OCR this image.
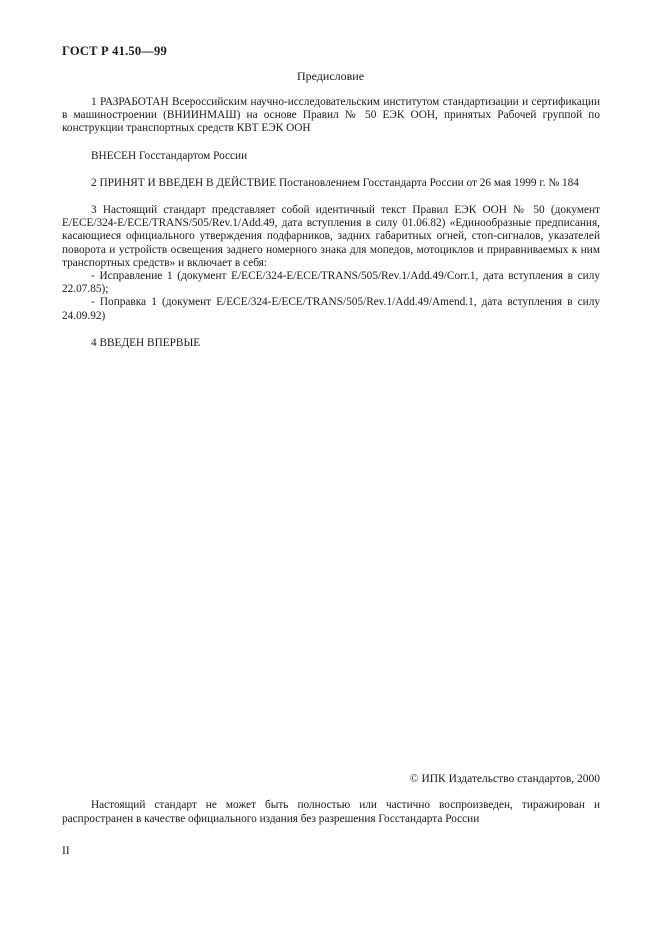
ГОСТ Р 41.50—99
Предисловие

1 РАЗРАБОТАН Всероссийским научно-исследовательским институтом стандартизации и сертификации в машиностроении (ВНИИНМАШ) на основе Правил № 50 ЕЭК ООН, принятых Рабочей группой по конструкции транспортных средств КВТ ЕЭК ООН

ВНЕСЕН Госстандартом России

2 ПРИНЯТ И ВВЕДЕН В ДЕЙСТВИЕ Постановлением Госстандарта России от 26 мая 1999 г. № 184

3 Настоящий стандарт представляет собой идентичный текст Правил ЕЭК ООН № 50 (документ E/ECE/324-E/ECE/TRANS/505/Rev.1/Add.49, дата вступления в силу 01.06.82) «Единообразные предписания, касающиеся официального утверждения подфарников, задних габаритных огней, стоп-сигналов, указателей поворота и устройств освещения заднего номерного знака для мопедов, мотоциклов и приравниваемых к ним транспортных средств» и включает в себя:

- Исправление 1 (документ E/ECE/324-E/ECE/TRANS/505/Rev.1/Add.49/Corr.1, дата вступления в силу 22.07.85);

- Поправка 1 (документ E/ECE/324-E/ECE/TRANS/505/Rev.1/Add.49/Amend.1, дата вступления в силу 24.09.92)

4 ВВЕДЕН ВПЕРВЫЕ

© ИПК Издательство стандартов, 2000
Настоящий стандарт не может быть полностью или частично воспроизведен, тиражирован и распространен в качестве официального издания без разрешения Госстандарта России
II
